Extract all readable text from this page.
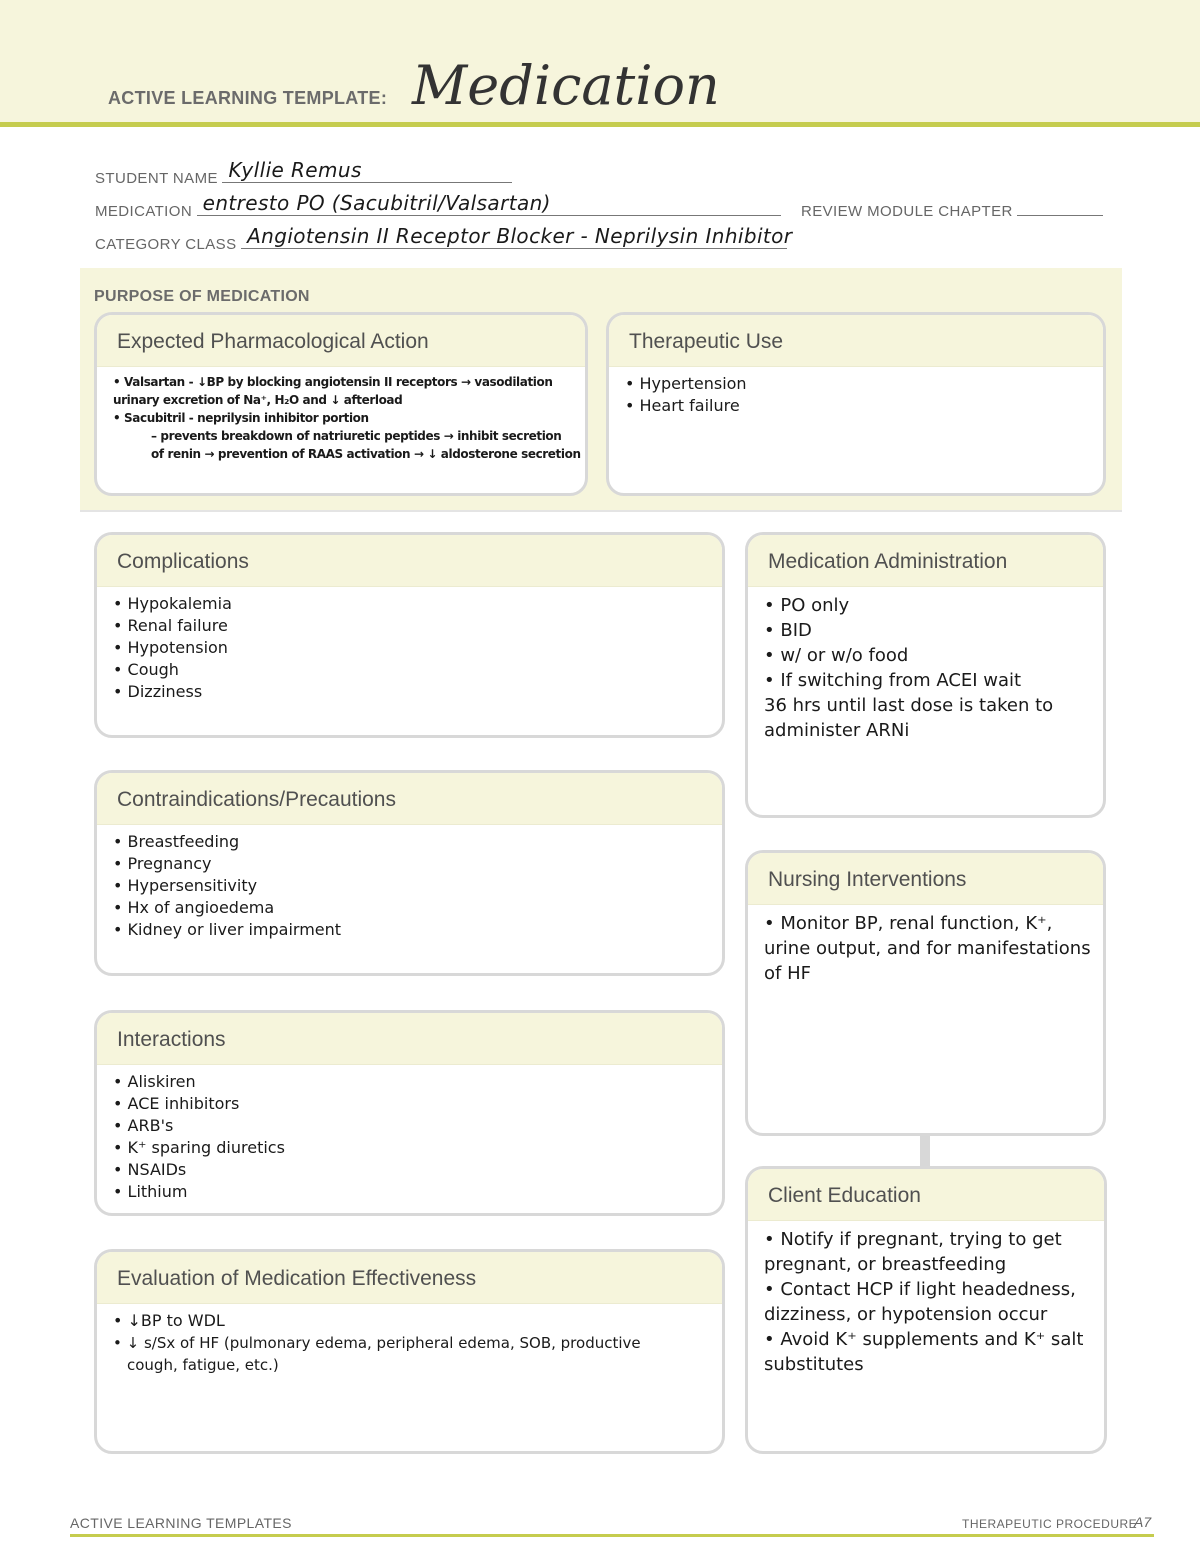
ACTIVE LEARNING TEMPLATE: Medication
STUDENT NAME Kyllie Remus
MEDICATION entresto PO (Sacubitril/Valsartan)	REVIEW MODULE CHAPTER
CATEGORY CLASS Angiotensin II Receptor Blocker - Neprilysin Inhibitor
PURPOSE OF MEDICATION
Expected Pharmacological Action
• Valsartan - ↓BP by blocking angiotensin II receptors → vasodilation
urinary excretion of Na⁺, H₂O and ↓ afterload
• Sacubitril - neprilysin inhibitor portion
– prevents breakdown of natriuretic peptides → inhibit secretion
of renin → prevention of RAAS activation → ↓ aldosterone secretion
Therapeutic Use
• Hypertension
• Heart failure
Complications
• Hypokalemia
• Renal failure
• Hypotension
• Cough
• Dizziness
Medication Administration
• PO only
• BID
• w/ or w/o food
• If switching from ACEI wait
36 hrs until last dose is taken to
administer ARNi
Contraindications/Precautions
• Breastfeeding
• Pregnancy
• Hypersensitivity
• Hx of angioedema
• Kidney or liver impairment
Nursing Interventions
• Monitor BP, renal function, K⁺,
urine output, and for manifestations
of HF
Interactions
• Aliskiren
• ACE inhibitors
• ARB's
• K⁺ sparing diuretics
• NSAIDs
• Lithium	Client Education
• Notify if pregnant, trying to get
pregnant, or breastfeeding
• Contact HCP if light headedness,
dizziness, or hypotension occur
• Avoid K⁺ supplements and K⁺ salt
substitutes
Evaluation of Medication Effectiveness
• ↓BP to WDL
• ↓ s/Sx of HF (pulmonary edema, peripheral edema, SOB, productive
cough, fatigue, etc.)
ACTIVE LEARNING TEMPLATES	THERAPEUTIC PROCEDURE
A7
